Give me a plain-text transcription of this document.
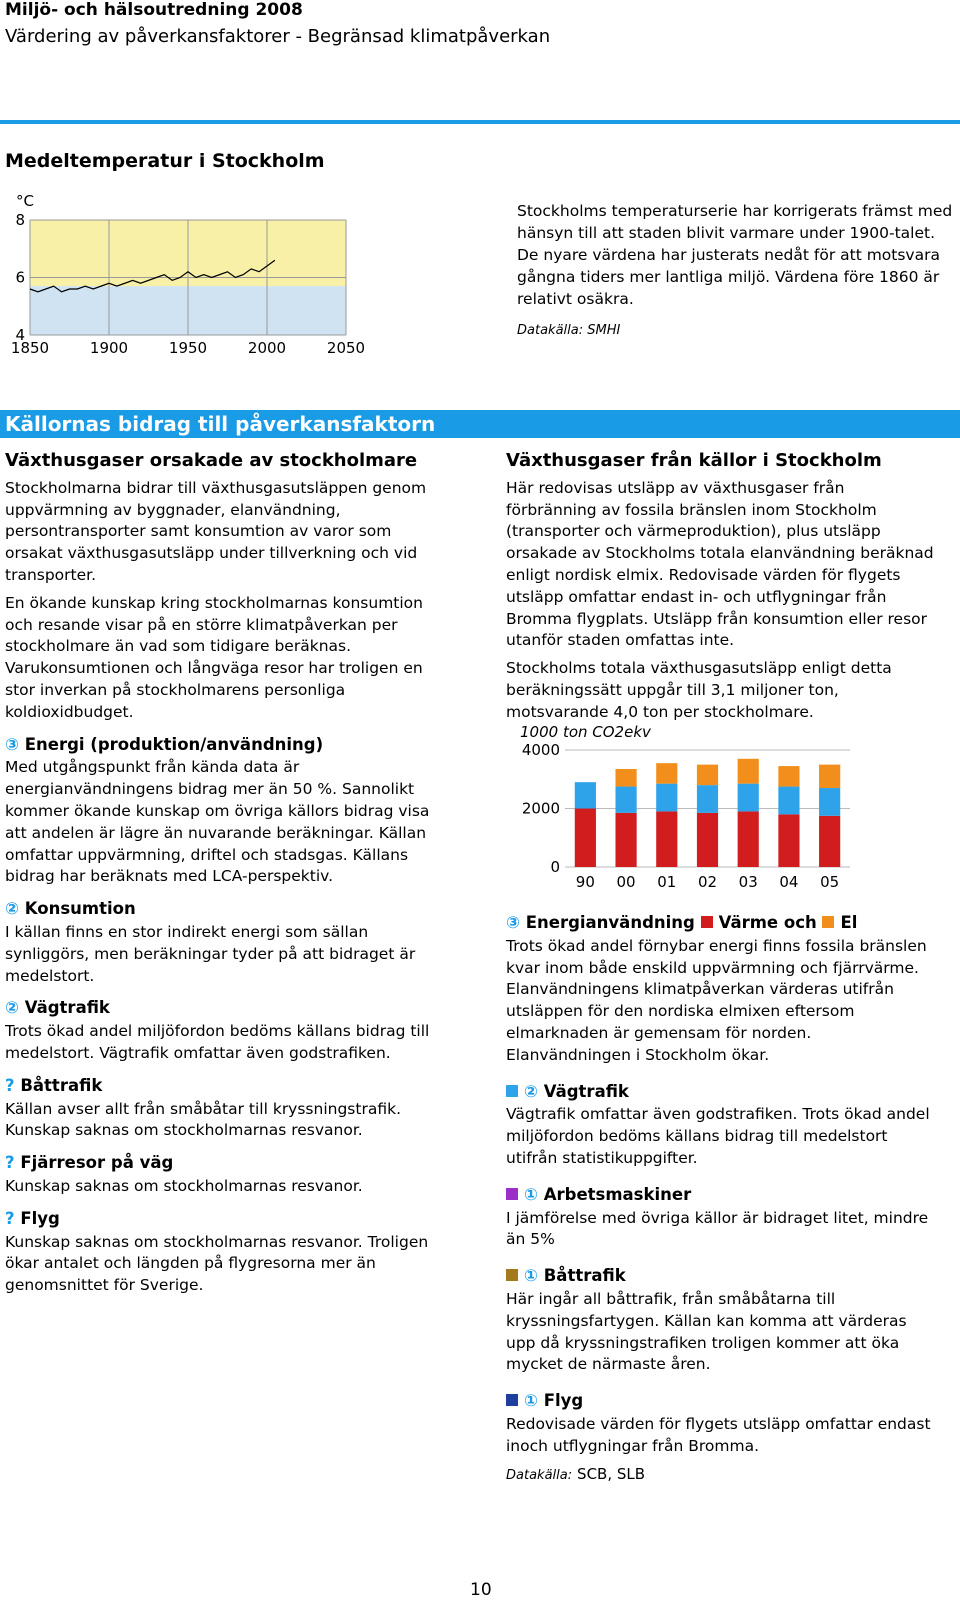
Miljö- och hälsoutredning 2008
Värdering av påverkansfaktorer - Begränsad klimatpåverkan
Medeltemperatur i Stockholm
4
6
8
1850	1900	1950	2000	2050
°C
Stockholms temperaturserie har korrigerats främst med hänsyn till att staden blivit varmare under 1900-talet. De nyare värdena har justerats nedåt för att motsvara gångna tiders mer lantliga miljö. Värdena före 1860 är relativt osäkra.
Datakälla: SMHI
Källornas bidrag till påverkansfaktorn
Växthusgaser orsakade av stockholmare

Stockholmarna bidrar till växthusgasutsläppen genom uppvärmning av byggnader, elanvändning, persontransporter samt konsumtion av varor som orsakat växthusgasutsläpp under tillverkning och vid transporter.

En ökande kunskap kring stockholmarnas konsumtion och resande visar på en större klimatpåverkan per stockholmare än vad som tidigare beräknas. Varukonsumtionen och långväga resor har troligen en stor inverkan på stockholmarens personliga koldioxidbudget.

③ Energi (produktion/användning)

Med utgångspunkt från kända data är energianvändningens bidrag mer än 50 %. Sannolikt kommer ökande kunskap om övriga källors bidrag visa att andelen är lägre än nuvarande beräkningar. Källan omfattar uppvärmning, driftel och stadsgas. Källans bidrag har beräknats med LCA-perspektiv.

② Konsumtion

I källan finns en stor indirekt energi som sällan synliggörs, men beräkningar tyder på att bidraget är medelstort.

② Vägtrafik

Trots ökad andel miljöfordon bedöms källans bidrag till medelstort. Vägtrafik omfattar även godstrafiken.

? Båttrafik

Källan avser allt från småbåtar till kryssningstrafik. Kunskap saknas om stockholmarnas resvanor.

? Fjärresor på väg

Kunskap saknas om stockholmarnas resvanor.

? Flyg

Kunskap saknas om stockholmarnas resvanor. Troligen ökar antalet och längden på flygresorna mer än genomsnittet för Sverige.

Växthusgaser från källor i Stockholm

Här redovisas utsläpp av växthusgaser från förbränning av fossila bränslen inom Stockholm (transporter och värmeproduktion), plus utsläpp orsakade av Stockholms totala elanvändning beräknad enligt nordisk elmix. Redovisade värden för flygets utsläpp omfattar endast in- och utflygningar från Bromma flygplats. Utsläpp från konsumtion eller resor utanför staden omfattas inte.

Stockholms totala växthusgasutsläpp enligt detta beräkningssätt uppgår till 3,1 miljoner ton, motsvarande 4,0 ton per stockholmare.

1000 ton CO2ekv
0
2000
4000
90 00 01 02 03 04 05
③ Energianvändning Värme och El

Trots ökad andel förnybar energi finns fossila bränslen kvar inom både enskild uppvärmning och fjärrvärme. Elanvändningens klimatpåverkan värderas utifrån utsläppen för den nordiska elmixen eftersom elmarknaden är gemensam för norden. Elanvändningen i Stockholm ökar.

② Vägtrafik

Vägtrafik omfattar även godstrafiken. Trots ökad andel miljöfordon bedöms källans bidrag till medelstort utifrån statistikuppgifter.

① Arbetsmaskiner

I jämförelse med övriga källor är bidraget litet, mindre än 5%

① Båttrafik

Här ingår all båttrafik, från småbåtarna till kryssningsfartygen. Källan kan komma att värderas upp då kryssningstrafiken troligen kommer att öka mycket de närmaste åren.

① Flyg

Redovisade värden för flygets utsläpp omfattar endast inoch utflygningar från Bromma.

Datakälla: SCB, SLB
10
